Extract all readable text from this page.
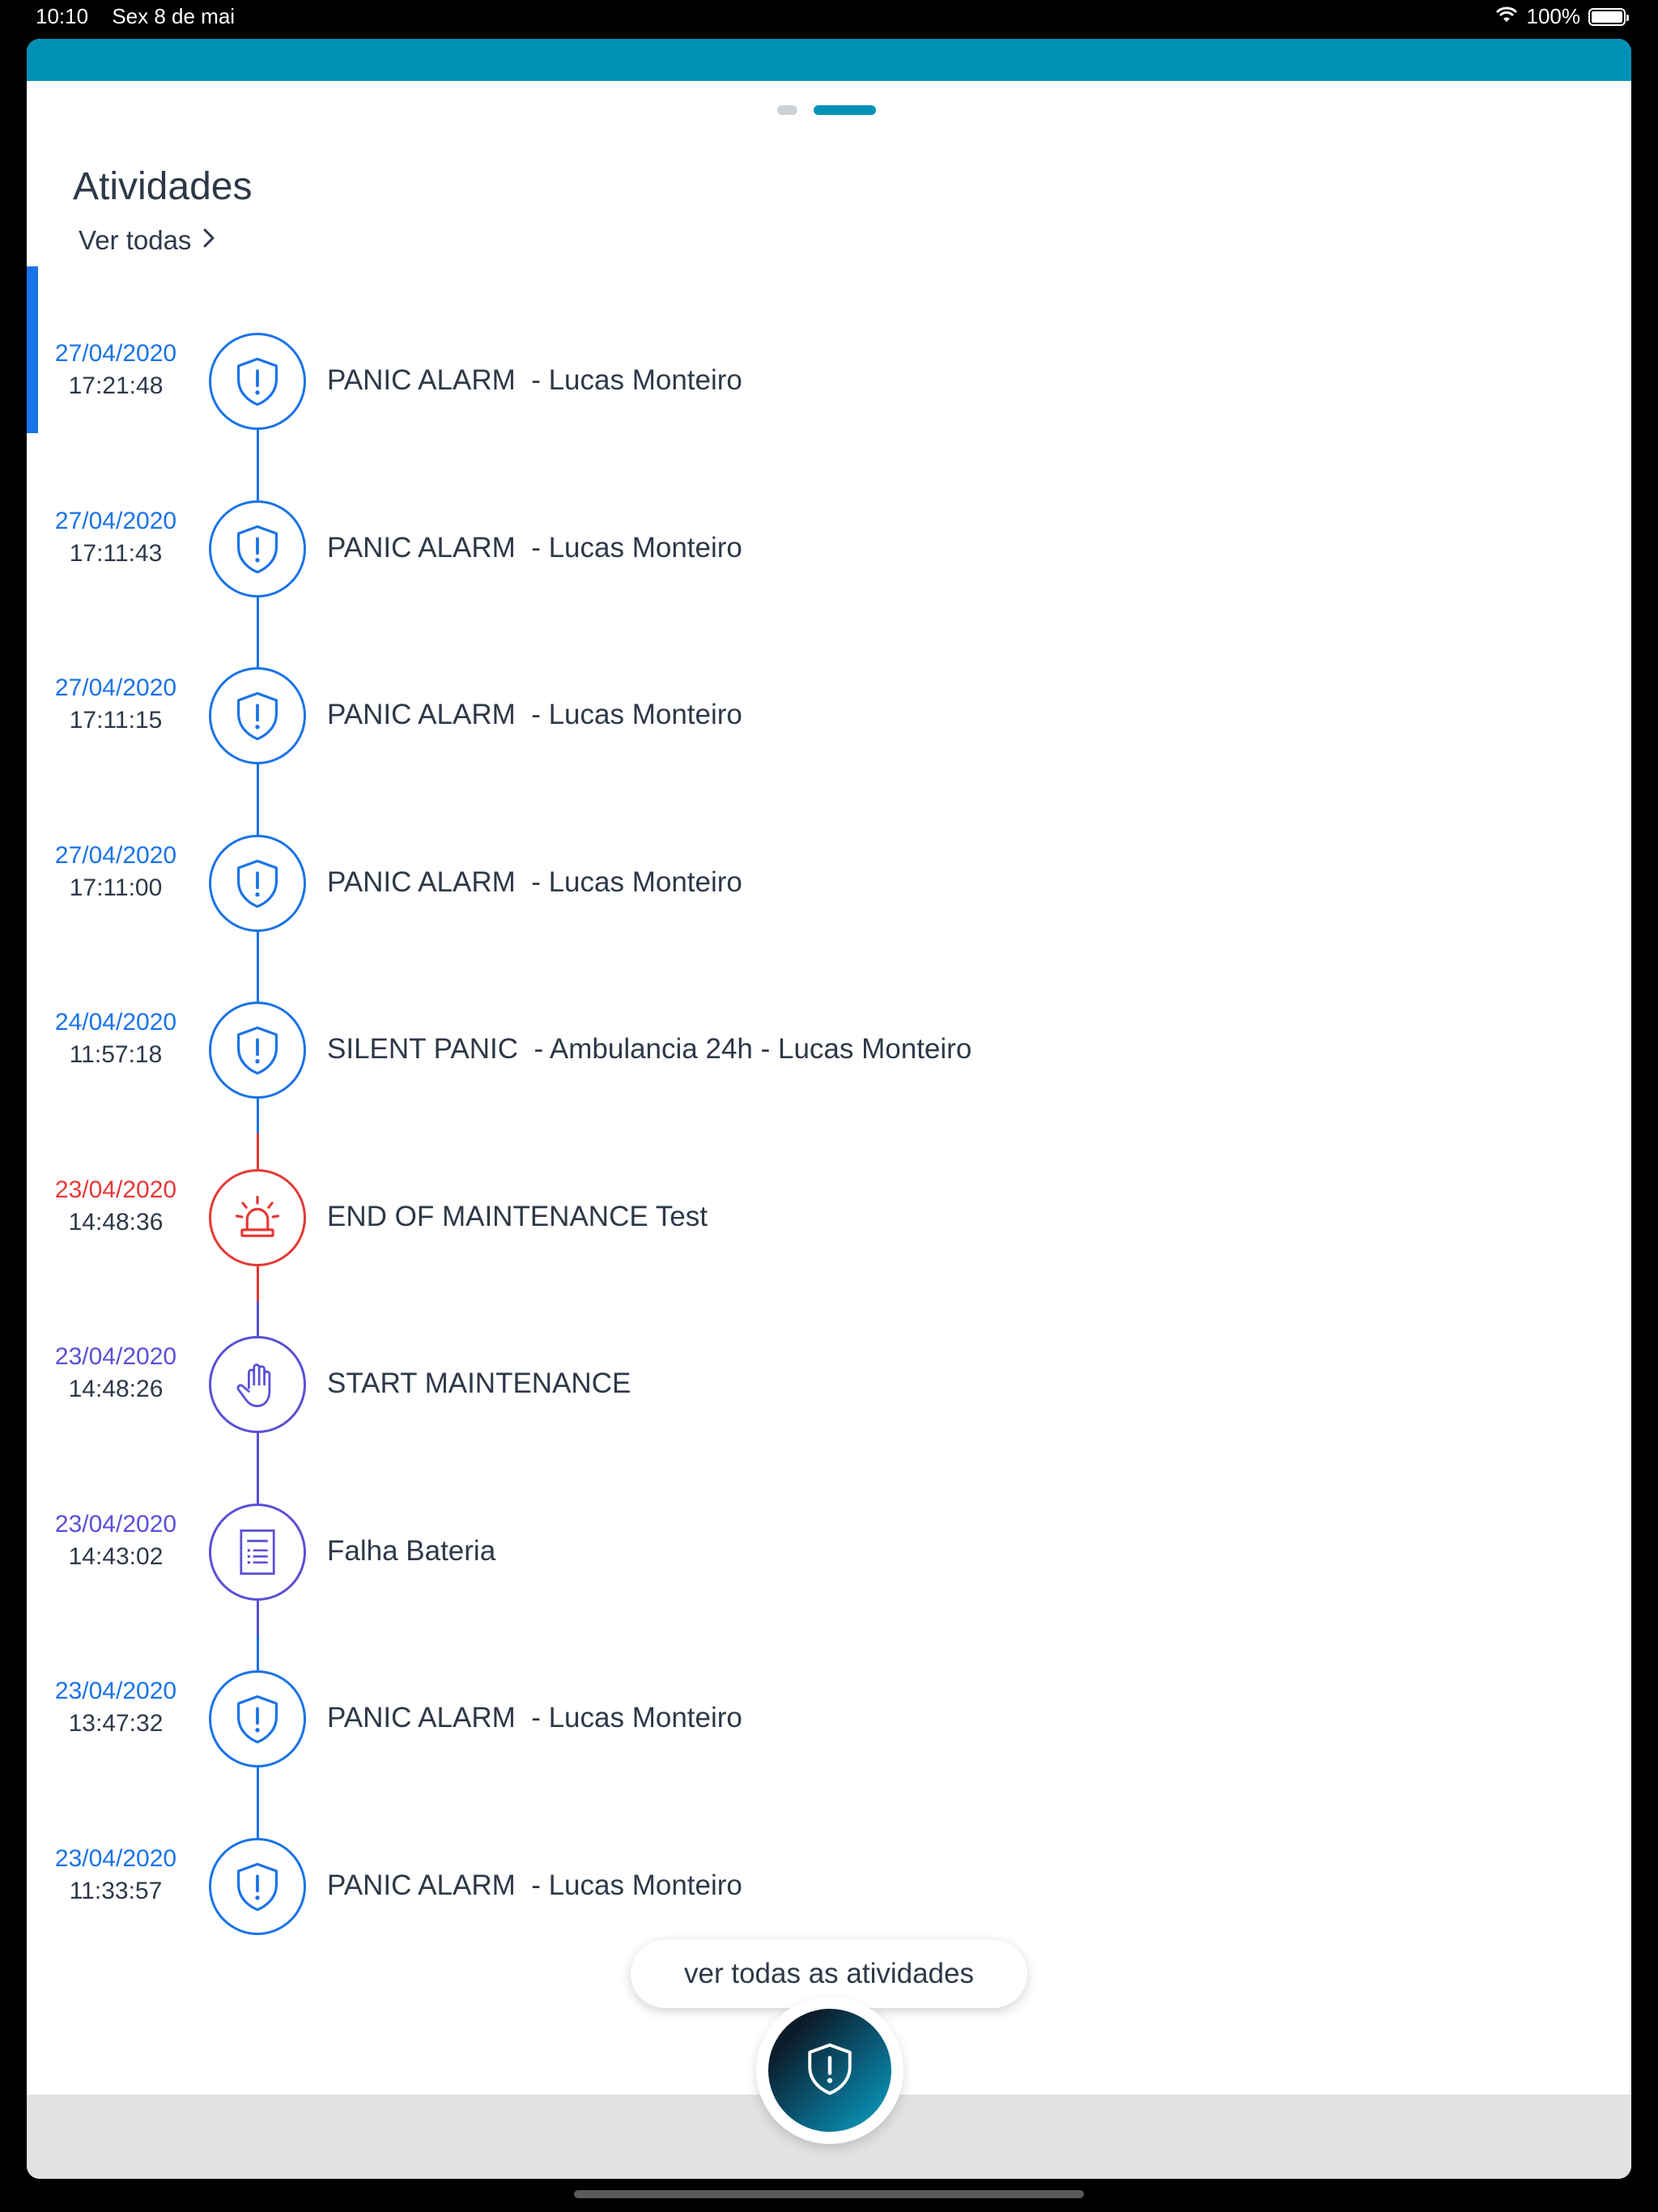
10:10 Sex 8 de mai	100%
Atividades
Ver todas
27/04/2020
17:21:48	PANIC ALARM  - Lucas Monteiro
27/04/2020
17:11:43	PANIC ALARM  - Lucas Monteiro
27/04/2020
17:11:15	PANIC ALARM  - Lucas Monteiro
27/04/2020
17:11:00	PANIC ALARM  - Lucas Monteiro
24/04/2020
11:57:18	SILENT PANIC  - Ambulancia 24h - Lucas Monteiro
23/04/2020
14:48:36	END OF MAINTENANCE Test
23/04/2020
14:48:26	START MAINTENANCE
23/04/2020
14:43:02	Falha Bateria
23/04/2020
13:47:32	PANIC ALARM  - Lucas Monteiro
23/04/2020
11:33:57	PANIC ALARM  - Lucas Monteiro
ver todas as atividades
